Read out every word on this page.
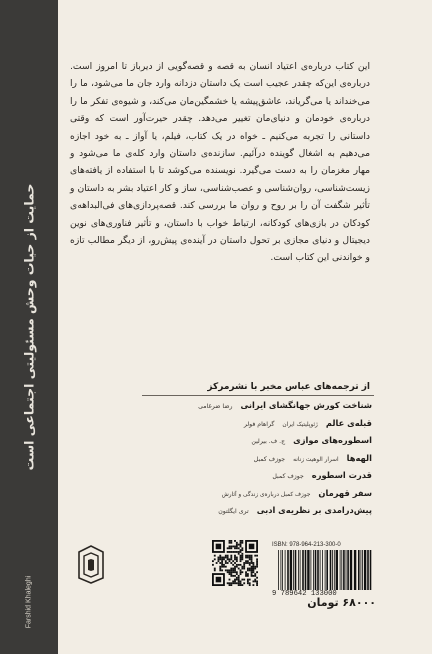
حمایت از حیات وحش مسئولیتی اجتماعی است
Farshid Khaleghi

این کتاب درباره‌ی اعتیاد انسان به قصه و قصه‌گویی از دیرباز تا امروز است. درباره‌ی این‌که چقدر عجیب است یک داستان دزدانه وارد جان ما می‌شود، ما را می‌خنداند یا می‌گریاند، عاشق‌پیشه یا خشمگین‌مان می‌کند، و شیوه‌ی تفکر ما را درباره‌ی خودمان و دنیای‌مان تغییر می‌دهد. چقدر حیرت‌آور است که وقتی داستانی را تجربه می‌کنیم ـ خواه در یک کتاب، فیلم، یا آواز ـ به خود اجازه می‌دهیم به اشغال گوینده درآئیم. سازنده‌ی داستان وارد کله‌ی ما می‌شود و مهار مغزمان را به دست می‌گیرد. نویسنده می‌کوشد تا با استفاده از یافته‌های زیست‌شناسی، روان‌شناسی و عصب‌شناسی، ساز و کار اعتیاد بشر به داستان و تأثیر شگفت آن را بر روح و روان ما بررسی کند. قصه‌پردازی‌های فی‌البداهه‌ی کودکان در بازی‌های کودکانه، ارتباط خواب با داستان، و تأثیر فناوری‌های نوین دیجیتال و دنیای مجازی بر تحول داستان در آینده‌ی پیش‌رو، از دیگر مطالب تازه و خواندنی این کتاب است.

از ترجمه‌های عباس مخبر با نشرمرکز
شناخت کورش جهانگشای ایرانی
رضا ضرغامی
قبله‌ی عالم
ژئوپلیتیک ایران
گراهام فولر
اسطوره‌های موازی
ج. ف. بیرلین
الهه‌ها
اسرار الوهیت زنانه
جوزف کمبل
قدرت اسطوره
جوزف کمبل
سفر قهرمان
جوزف کمبل درباره‌ی زندگی و آثارش
پیش‌درامدی بر نظریه‌ی ادبی
تری ایگلتون
ISBN: 978-964-213-300-0
9 789642 133000
۶۸۰۰۰ تومان
